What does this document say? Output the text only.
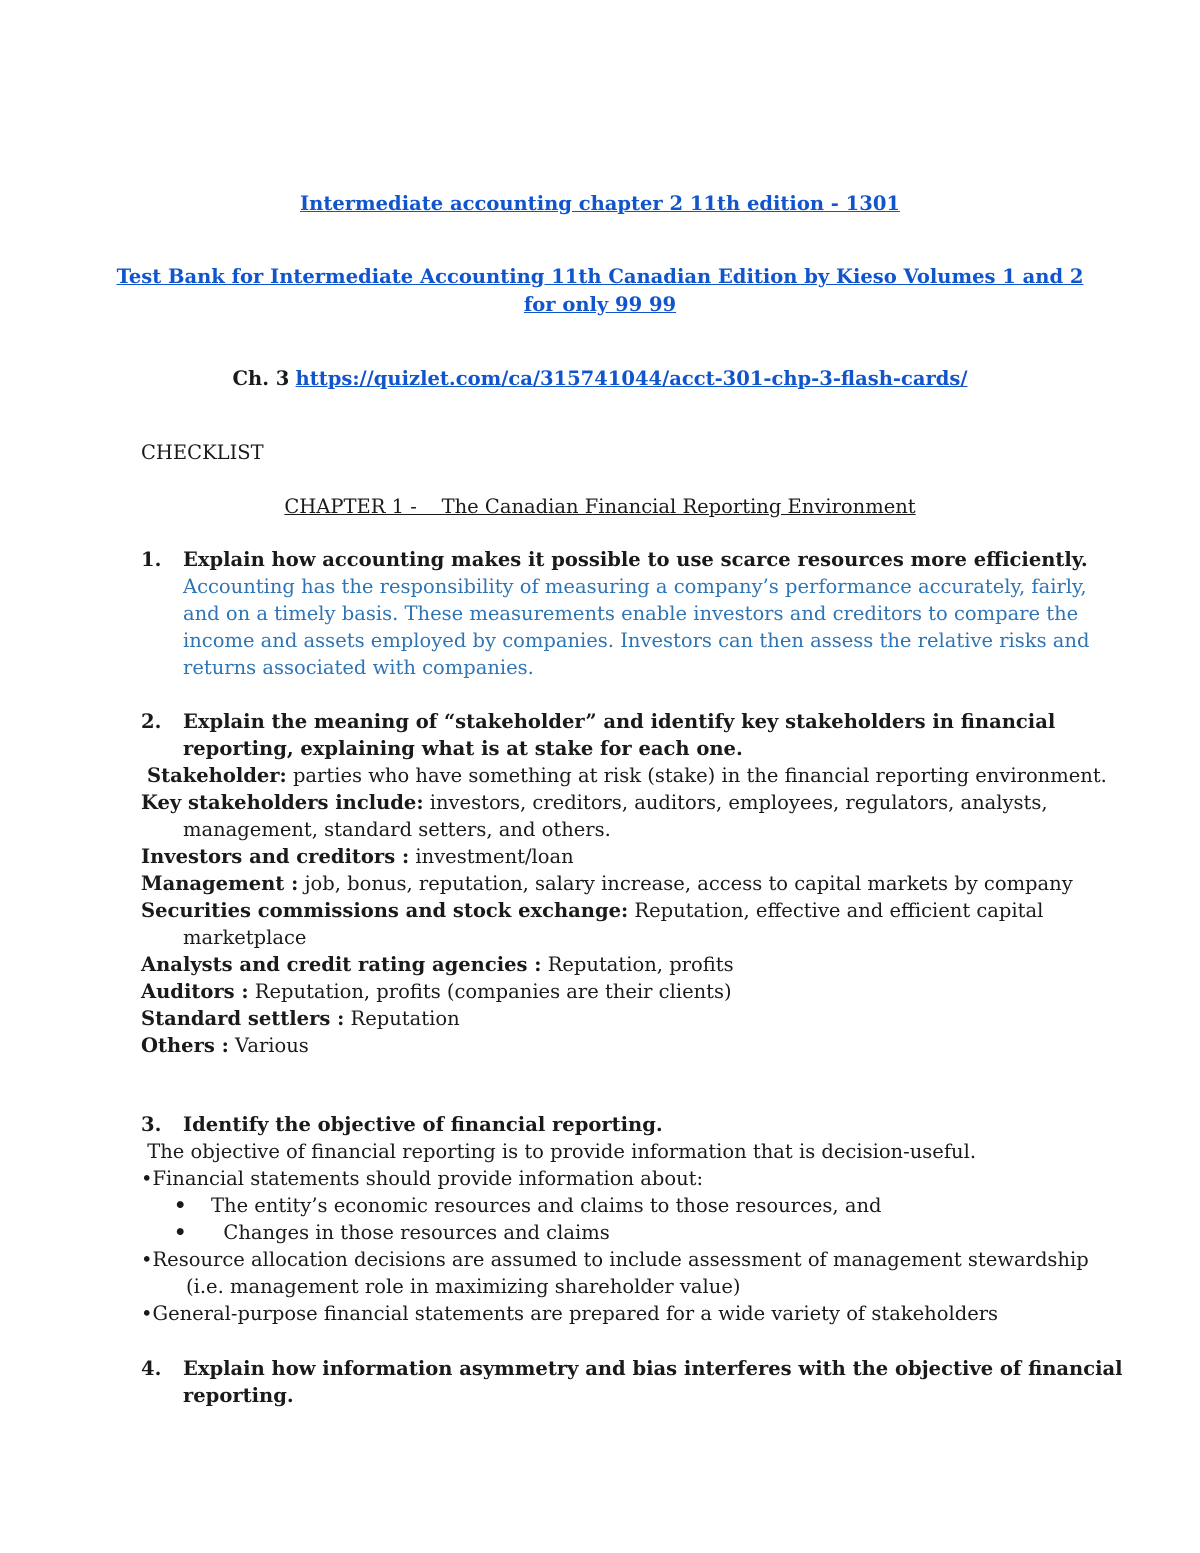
Intermediate accounting chapter 2 11th edition - 1301
Test Bank for Intermediate Accounting 11th Canadian Edition by Kieso Volumes 1 and 2
for only 99 99
Ch. 3 https://quizlet.com/ca/315741044/acct-301-chp-3-flash-cards/
CHECKLIST
CHAPTER 1 -    The Canadian Financial Reporting Environment
1. Explain how accounting makes it possible to use scarce resources more efficiently.
Accounting has the responsibility of measuring a company’s performance accurately, fairly,
and on a timely basis. These measurements enable investors and creditors to compare the
income and assets employed by companies. Investors can then assess the relative risks and
returns associated with companies.
2. Explain the meaning of “stakeholder” and identify key stakeholders in financial
reporting, explaining what is at stake for each one.
Stakeholder: parties who have something at risk (stake) in the financial reporting environment.
Key stakeholders include: investors, creditors, auditors, employees, regulators, analysts,
management, standard setters, and others.
Investors and creditors : investment/loan
Management : job, bonus, reputation, salary increase, access to capital markets by company
Securities commissions and stock exchange: Reputation, effective and efficient capital
marketplace
Analysts and credit rating agencies : Reputation, profits
Auditors : Reputation, profits (companies are their clients)
Standard settlers : Reputation
Others : Various
3. Identify the objective of financial reporting.
The objective of financial reporting is to provide information that is decision-useful.
•Financial statements should provide information about:
• The entity’s economic resources and claims to those resources, and
• Changes in those resources and claims
•Resource allocation decisions are assumed to include assessment of management stewardship
(i.e. management role in maximizing shareholder value)
•General-purpose financial statements are prepared for a wide variety of stakeholders
4. Explain how information asymmetry and bias interferes with the objective of financial
reporting.
